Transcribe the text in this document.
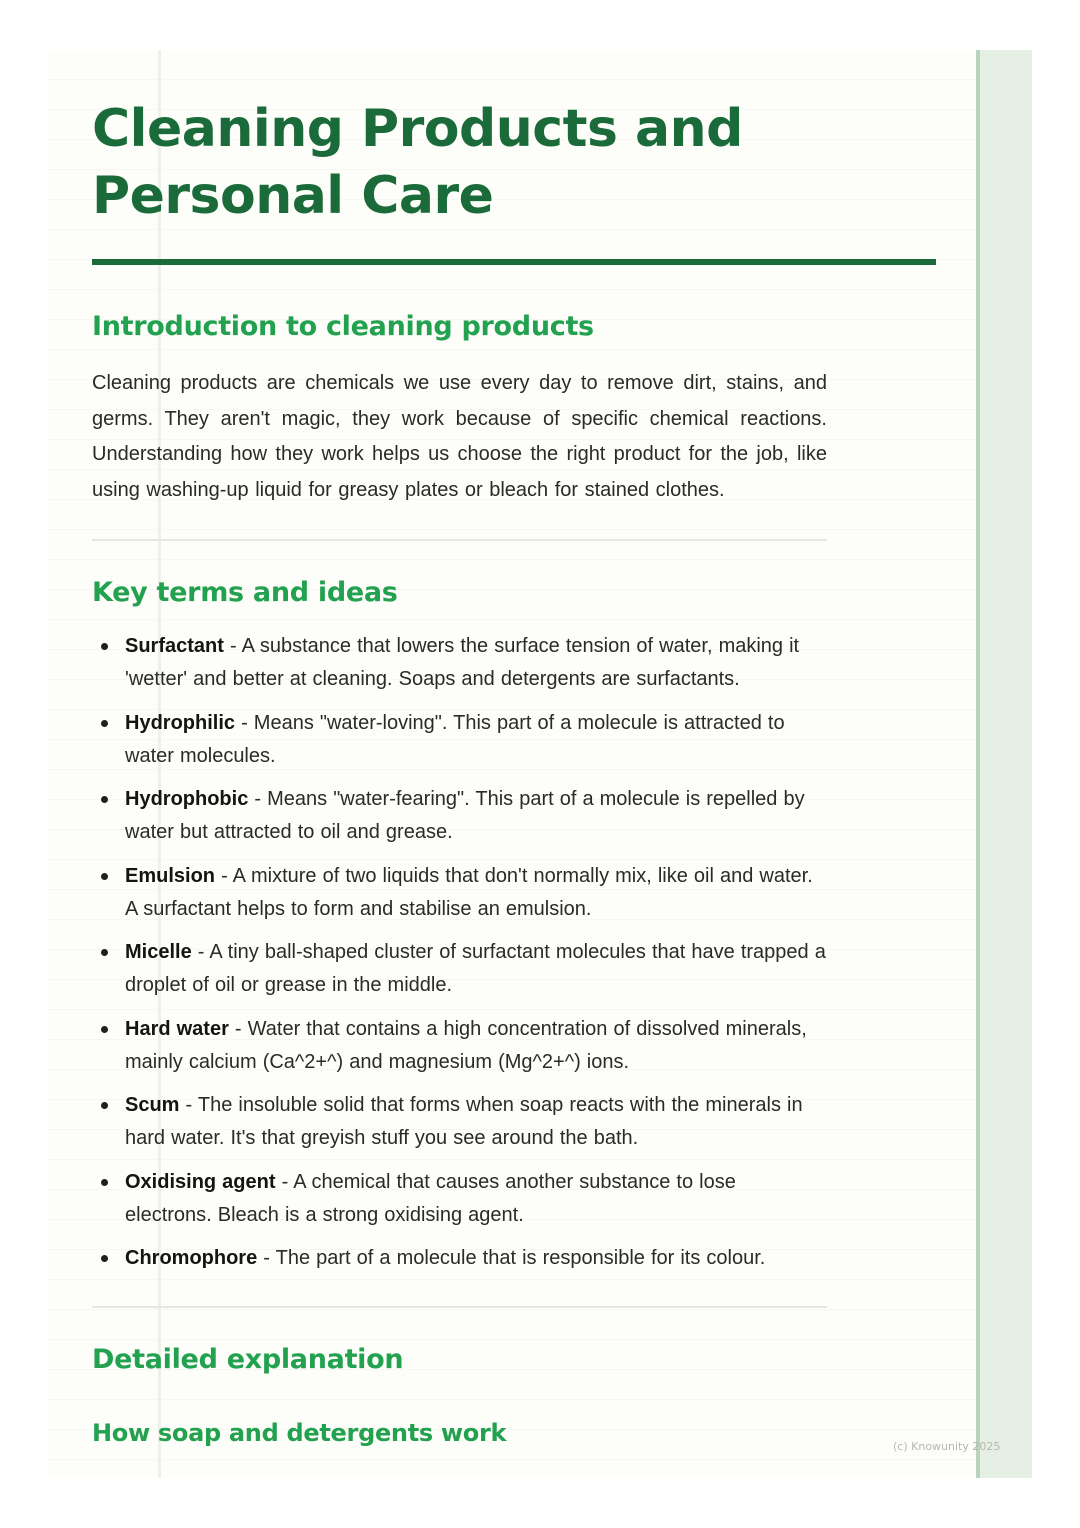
Cleaning Products and
Personal Care
Introduction to cleaning products

Cleaning products are chemicals we use every day to remove dirt, stains, and germs. They aren't magic, they work because of specific chemical reactions. Understanding how they work helps us choose the right product for the job, like using washing-up liquid for greasy plates or bleach for stained clothes.

Key terms and ideas
Surfactant - A substance that lowers the surface tension of water, making it 'wetter' and better at cleaning. Soaps and detergents are surfactants.
Hydrophilic - Means "water-loving". This part of a molecule is attracted to water molecules.
Hydrophobic - Means "water-fearing". This part of a molecule is repelled by water but attracted to oil and grease.
Emulsion - A mixture of two liquids that don't normally mix, like oil and water. A surfactant helps to form and stabilise an emulsion.
Micelle - A tiny ball-shaped cluster of surfactant molecules that have trapped a droplet of oil or grease in the middle.
Hard water - Water that contains a high concentration of dissolved minerals, mainly calcium (Ca^2+^) and magnesium (Mg^2+^) ions.
Scum - The insoluble solid that forms when soap reacts with the minerals in hard water. It's that greyish stuff you see around the bath.
Oxidising agent - A chemical that causes another substance to lose electrons. Bleach is a strong oxidising agent.
Chromophore - The part of a molecule that is responsible for its colour.
Detailed explanation
How soap and detergents work	(c) Knowunity 2025
